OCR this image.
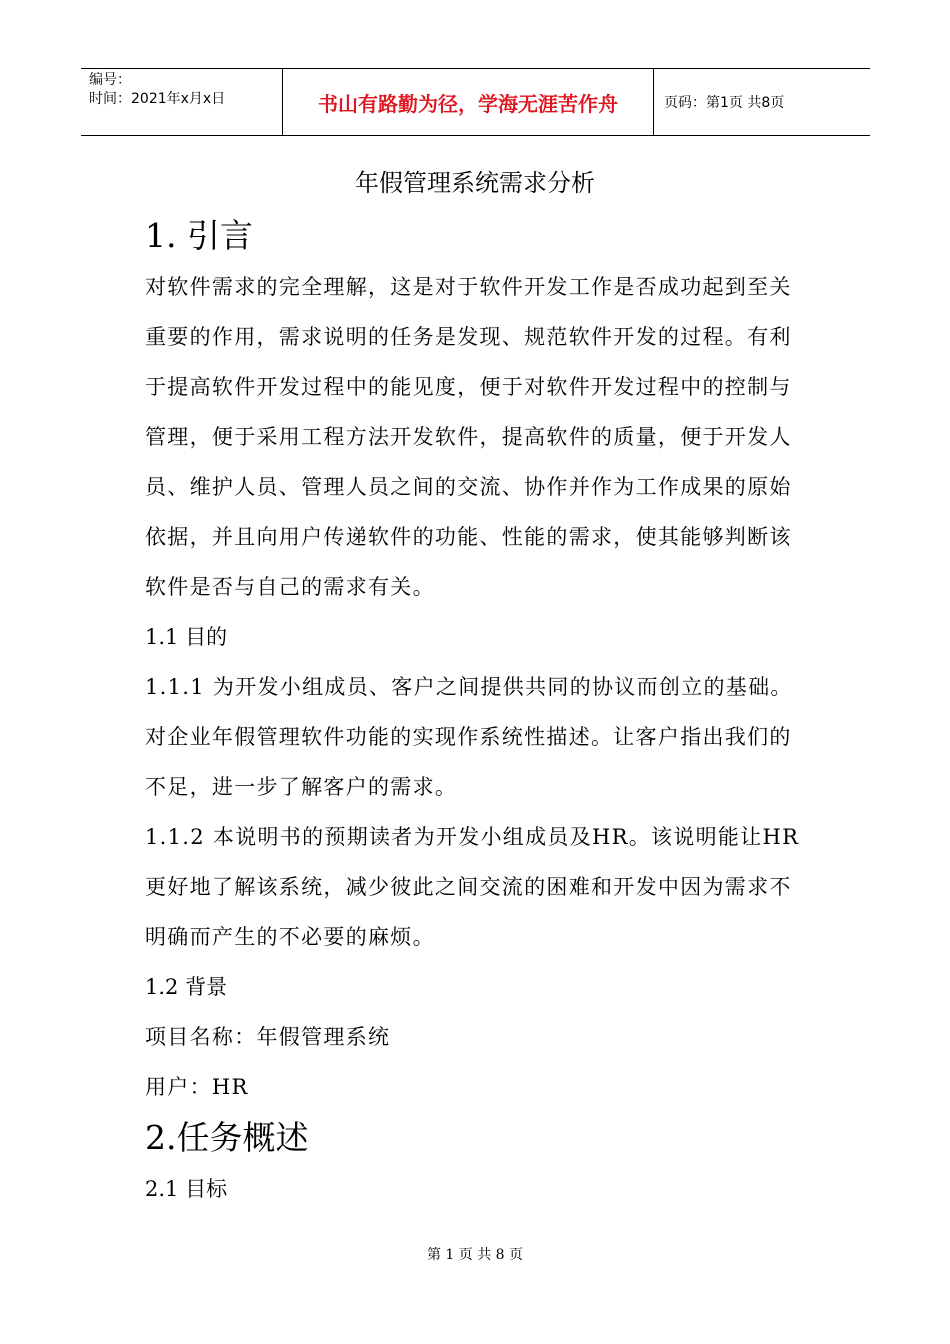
编号：
时间：2021年x月x日	书山有路勤为径，学海无涯苦作舟	页码：第1页 共8页
年假管理系统需求分析
1. 引言
对软件需求的完全理解，这是对于软件开发工作是否成功起到至关重要的作用，需求说明的任务是发现、规范软件开发的过程。有利于提高软件开发过程中的能见度，便于对软件开发过程中的控制与管理，便于采用工程方法开发软件，提高软件的质量，便于开发人员、维护人员、管理人员之间的交流、协作并作为工作成果的原始依据，并且向用户传递软件的功能、性能的需求，使其能够判断该软件是否与自己的需求有关。
1.1 目的
1.1.1 为开发小组成员、客户之间提供共同的协议而创立的基础。对企业年假管理软件功能的实现作系统性描述。让客户指出我们的不足，进一步了解客户的需求。
1.1.2 本说明书的预期读者为开发小组成员及HR。该说明能让HR更好地了解该系统，减少彼此之间交流的困难和开发中因为需求不明确而产生的不必要的麻烦。
1.2 背景
项目名称：年假管理系统
用户：HR
2.任务概述
2.1 目标
第 1 页 共 8 页
